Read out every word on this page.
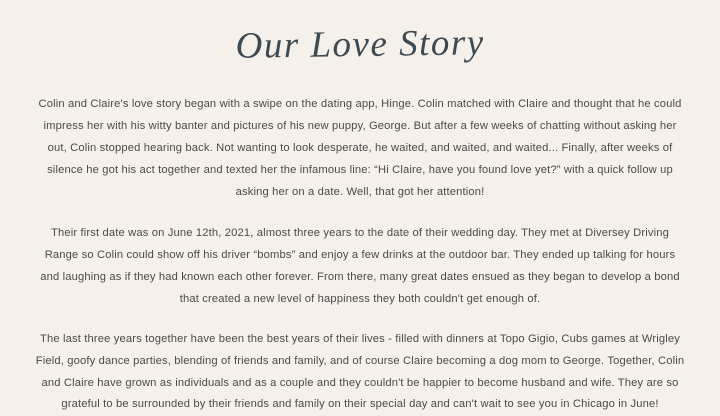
Our Love Story

Colin and Claire's love story began with a swipe on the dating app, Hinge. Colin matched with Claire and thought that he could impress her with his witty banter and pictures of his new puppy, George. But after a few weeks of chatting without asking her out, Colin stopped hearing back. Not wanting to look desperate, he waited, and waited, and waited... Finally, after weeks of silence he got his act together and texted her the infamous line: “Hi Claire, have you found love yet?” with a quick follow up asking her on a date. Well, that got her attention!

Their first date was on June 12th, 2021, almost three years to the date of their wedding day. They met at Diversey Driving Range so Colin could show off his driver “bombs” and enjoy a few drinks at the outdoor bar. They ended up talking for hours and laughing as if they had known each other forever. From there, many great dates ensued as they began to develop a bond that created a new level of happiness they both couldn't get enough of.

The last three years together have been the best years of their lives - filled with dinners at Topo Gigio, Cubs games at Wrigley Field, goofy dance parties, blending of friends and family, and of course Claire becoming a dog mom to George. Together, Colin and Claire have grown as individuals and as a couple and they couldn't be happier to become husband and wife. They are so grateful to be surrounded by their friends and family on their special day and can't wait to see you in Chicago in June!
